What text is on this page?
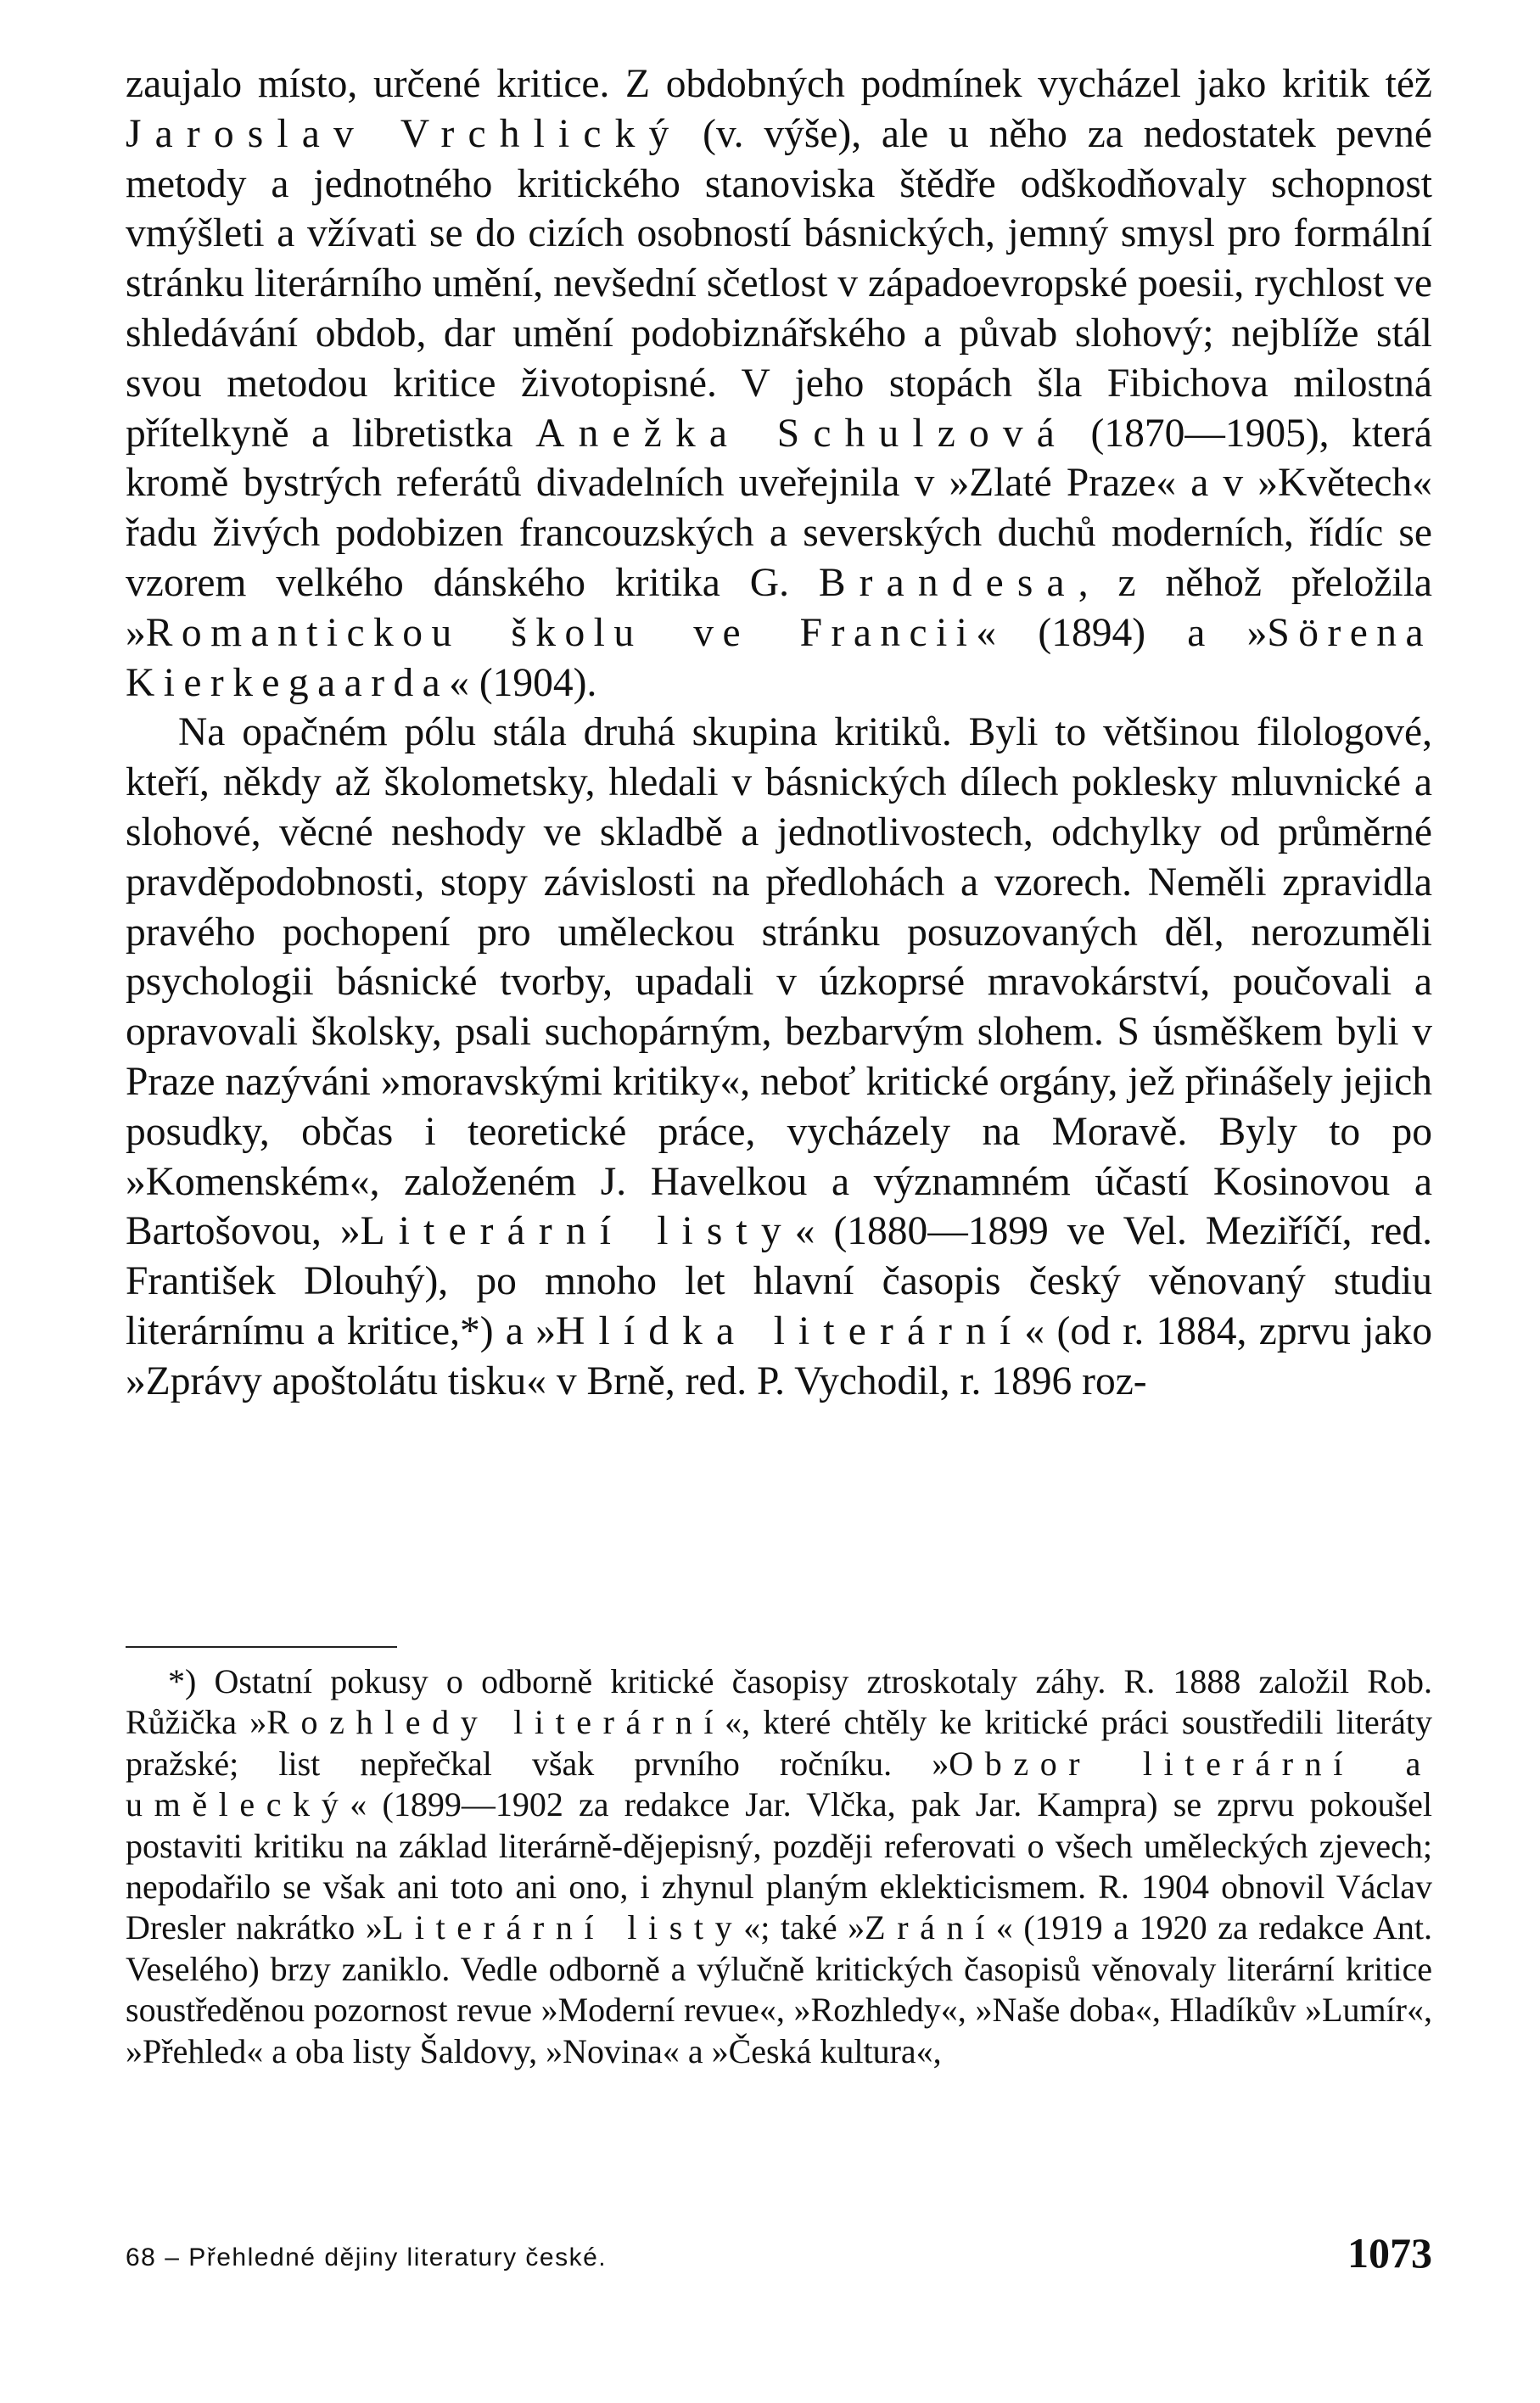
zaujalo místo, určené kritice. Z obdobných podmínek vycházel jako kritik též Jaroslav Vrchlický (v. výše), ale u něho za nedostatek pevné metody a jednotného kritického stanoviska štědře odškodňovaly schopnost vmýšleti a vžívati se do cizích osobností básnických, jemný smysl pro formální stránku literárního umění, nevšední sčetlost v západoevropské poesii, rychlost ve shledávání obdob, dar umění podobiznářského a půvab slohový; nejblíže stál svou metodou kritice životopisné. V jeho stopách šla Fibichova milostná přítelkyně a libretistka Anežka Schulzová (1870—1905), která kromě bystrých referátů divadelních uveřejnila v »Zlaté Praze« a v »Květech« řadu živých podobizen francouzských a severských duchů moderních, řídíc se vzorem velkého dánského kritika G. Brandesa, z něhož přeložila »Romantickou školu ve Francii« (1894) a »Sörena Kierkegaarda« (1904).

Na opačném pólu stála druhá skupina kritiků. Byli to většinou filologové, kteří, někdy až školometsky, hledali v básnických dílech poklesky mluvnické a slohové, věcné neshody ve skladbě a jednotlivostech, odchylky od průměrné pravděpodobnosti, stopy závislosti na předlohách a vzorech. Neměli zpravidla pravého pochopení pro uměleckou stránku posuzovaných děl, nerozuměli psychologii básnické tvorby, upadali v úzkoprsé mravokárství, poučovali a opravovali školsky, psali suchopárným, bezbarvým slohem. S úsměškem byli v Praze nazýváni »moravskými kritiky«, neboť kritické orgány, jež přinášely jejich posudky, občas i teoretické práce, vycházely na Moravě. Byly to po »Komenském«, založeném J. Havelkou a významném účastí Kosinovou a Bartošovou, »Literární listy« (1880—1899 ve Vel. Meziříčí, red. František Dlouhý), po mnoho let hlavní časopis český věnovaný studiu literárnímu a kritice,*) a »Hlídka literární« (od r. 1884, zprvu jako »Zprávy apoštolátu tisku« v Brně, red. P. Vychodil, r. 1896 roz-

*) Ostatní pokusy o odborně kritické časopisy ztroskotaly záhy. R. 1888 založil Rob. Růžička »Rozhledy literární«, které chtěly ke kritické práci soustředili literáty pražské; list nepřečkal však prvního ročníku. »Obzor literární a umělecký« (1899—1902 za redakce Jar. Vlčka, pak Jar. Kampra) se zprvu pokoušel postaviti kritiku na základ literárně-dějepisný, později referovati o všech uměleckých zjevech; nepodařilo se však ani toto ani ono, i zhynul planým eklekticismem. R. 1904 obnovil Václav Dresler nakrátko »Literární listy«; také »Zrání« (1919 a 1920 za redakce Ant. Veselého) brzy zaniklo. Vedle odborně a výlučně kritických časopisů věnovaly literární kritice soustředěnou pozornost revue »Moderní revue«, »Rozhledy«, »Naše doba«, Hladíkův »Lumír«, »Přehled« a oba listy Šaldovy, »Novina« a »Česká kultura«,

68 – Přehledné dějiny literatury české.	1073
